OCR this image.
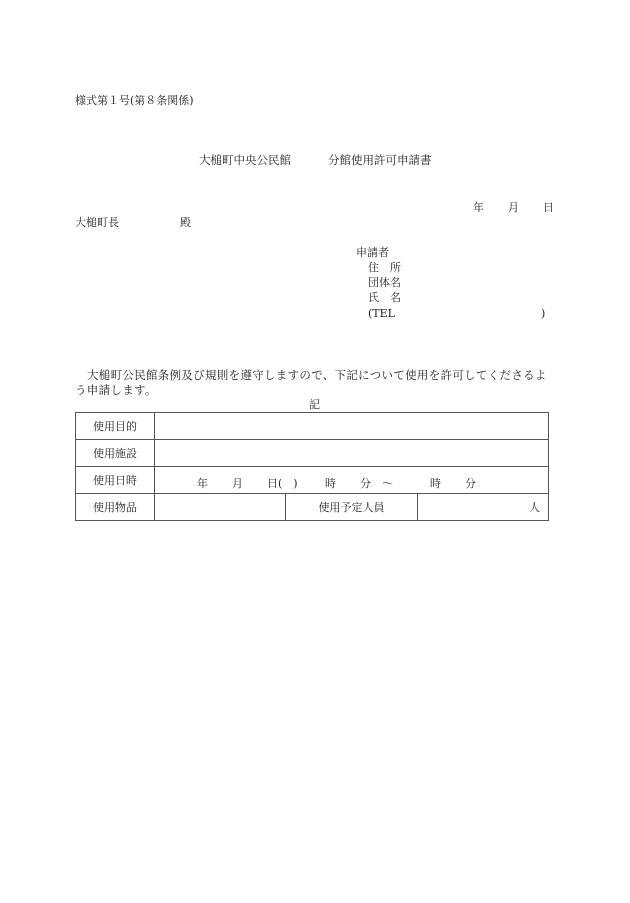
様式第１号(第８条関係)
大槌町中央公民館	分館使用許可申請書
年 月 日
大槌町長	殿
申請者
住　所
団体名
氏　名
(TEL	)
大槌町公民館条例及び規則を遵守しますので、下記について使用を許可してくださるよう申請します。
記
使用目的			
使用施設			
使用日時	年 月 日(　) 時 分 ～	時 分

使用物品		使用予定人員	人
